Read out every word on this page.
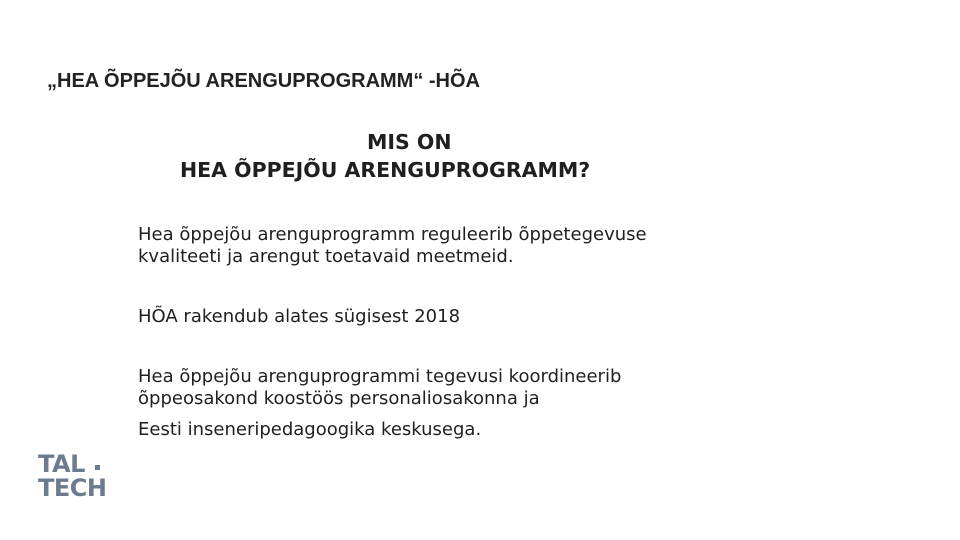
„HEA ÕPPEJÕU ARENGUPROGRAMM“ -HÕA
MIS ON
HEA ÕPPEJÕU ARENGUPROGRAMM?
Hea õppejõu arenguprogramm reguleerib õppetegevuse
kvaliteeti ja arengut toetavaid meetmeid.
HÕA rakendub alates sügisest 2018
Hea õppejõu arenguprogrammi tegevusi koordineerib
õppeosakond koostöös personaliosakonna ja
Eesti inseneripedagoogika keskusega.
TAL
TECH
